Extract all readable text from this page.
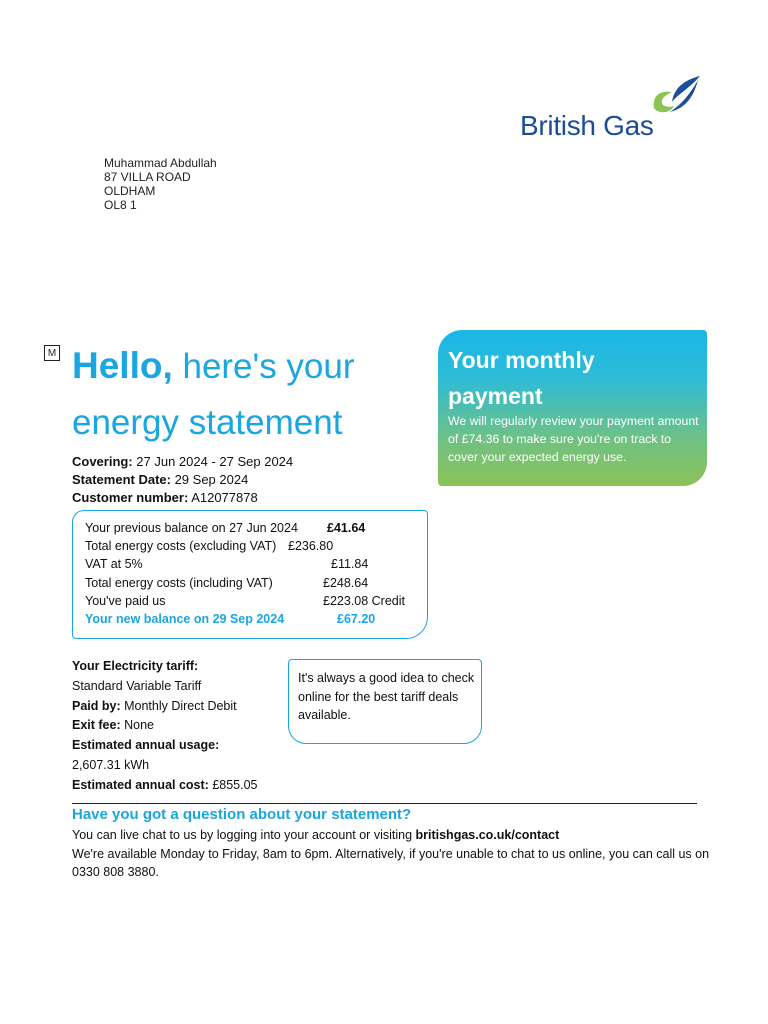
British Gas
Muhammad Abdullah
87 VILLA ROAD
OLDHAM
OL8 1
M Hello, here's your
energy statement
Covering: 27 Jun 2024 - 27 Sep 2024
Statement Date: 29 Sep 2024
Customer number: A12077878
Your previous balance on 27 Jun 2024 £41.64
Total energy costs (excluding VAT) £236.80
VAT at 5%	£11.84
Total energy costs (including VAT)	£248.64
You've paid us	£223.08 Credit
Your new balance on 29 Sep 2024	£67.20
Your monthly payment
We will regularly review your payment amount of £74.36 to make sure you're on track to cover your expected energy use.
Your Electricity tariff:
Standard Variable Tariff
Paid by: Monthly Direct Debit
Exit fee: None
Estimated annual usage:
2,607.31 kWh
Estimated annual cost: £855.05
It's always a good idea to check online for the best tariff deals available.
Have you got a question about your statement?

You can live chat to us by logging into your account or visiting britishgas.co.uk/contact

We're available Monday to Friday, 8am to 6pm. Alternatively, if you're unable to chat to us online, you can call us on 0330 808 3880.
